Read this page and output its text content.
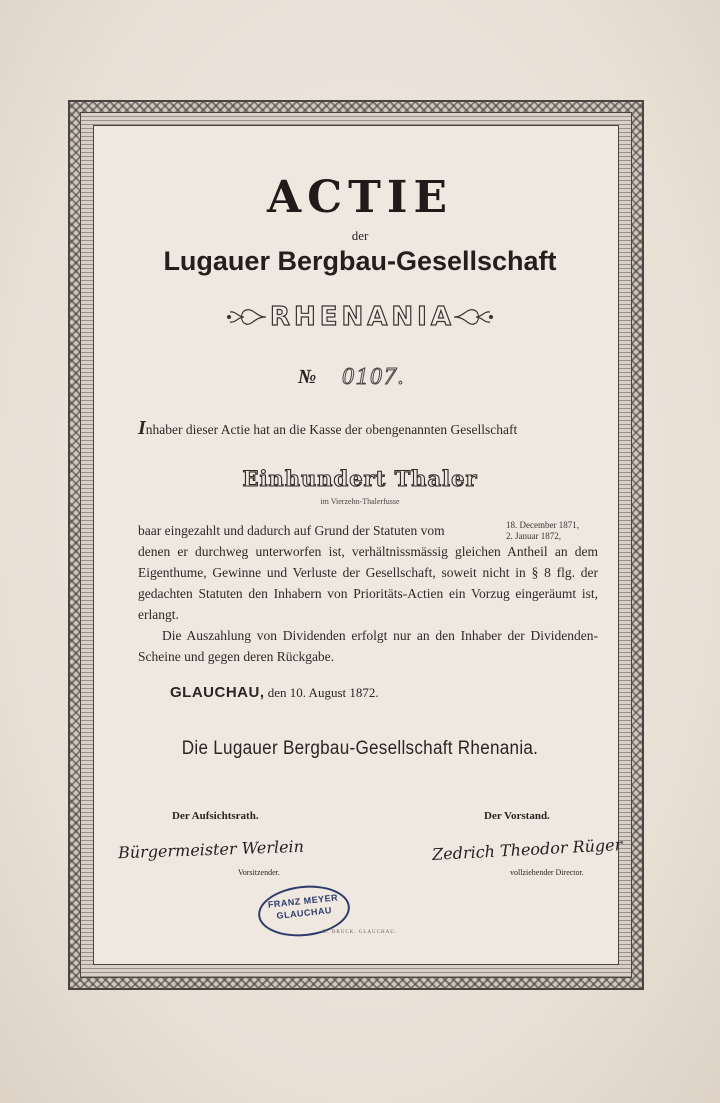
ACTIE
der
Lugauer Bergbau-Gesellschaft
RHENANIA
№ 0107.
Inhaber dieser Actie hat an die Kasse der obengenannten Gesellschaft
Einhundert Thaler
im Vierzehn-Thalerfusse
baar eingezahlt und dadurch auf Grund der Statuten vom
denen er durchweg unterworfen ist, verhältnissmässig gleichen Antheil an dem Eigenthume, Gewinne und Verluste der Gesellschaft, soweit nicht in § 8 flg. der gedachten Statuten den Inhabern von Prioritäts-Actien ein Vorzug eingeräumt ist, erlangt.
Die Auszahlung von Dividenden erfolgt nur an den Inhaber der Dividenden-Scheine und gegen deren Rückgabe.
18. December 1871,
2. Januar 1872,
GLAUCHAU, den 10. August 1872.
Die Lugauer Bergbau-Gesellschaft Rhenania.
Der Aufsichtsrath.	Der Vorstand.
Bürgermeister Werlein	Zedrich Theodor Rüger
Vorsitzender.	vollziehender Director.
FRANZ MEYER
GLAUCHAU
R. DRUCK. GLAUCHAU.
